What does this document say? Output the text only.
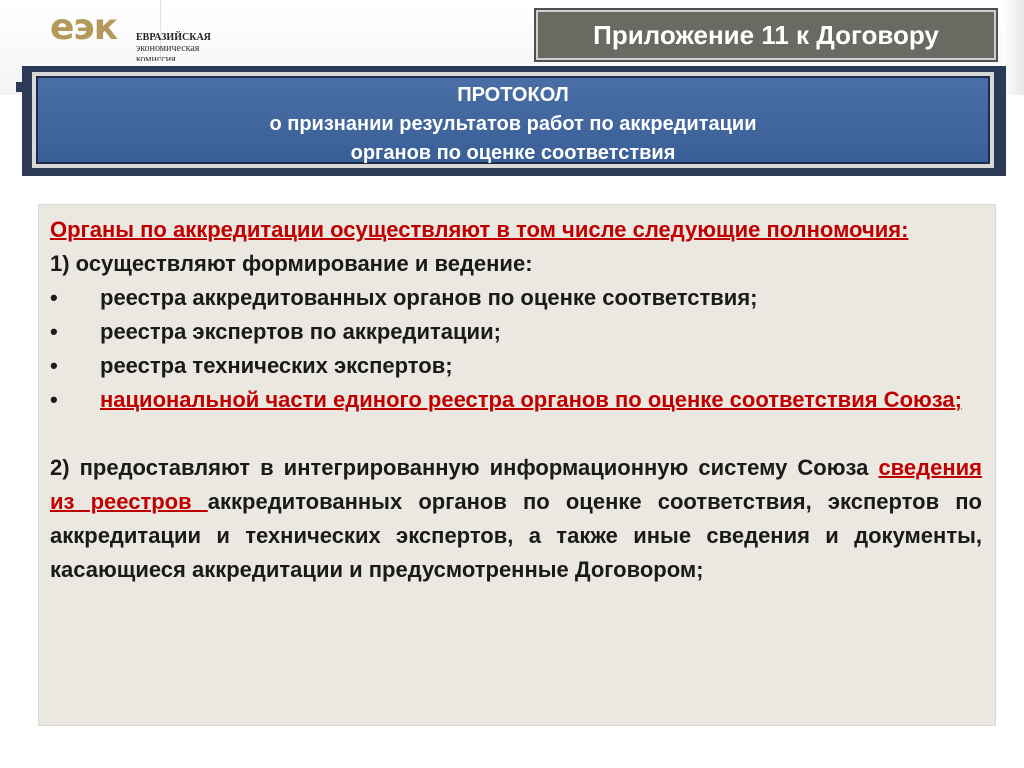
еэк ЕВРАЗИЙСКАЯ
экономическая
комиссия
Приложение 11 к Договору
ПРОТОКОЛ
о признании результатов работ по аккредитации
органов по оценке соответствия
Органы по аккредитации осуществляют в том числе следующие полномочия:
1) осуществляют формирование и ведение:
•	реестра аккредитованных органов по оценке соответствия;
•	реестра экспертов по аккредитации;
•	реестра технических экспертов;
•	национальной части единого реестра органов по оценке соответствия Союза;
2) предоставляют в интегрированную информационную систему Союза сведения из реестров аккредитованных органов по оценке соответствия, экспертов по аккредитации и технических экспертов, а также иные сведения и документы, касающиеся аккредитации и предусмотренные Договором;
